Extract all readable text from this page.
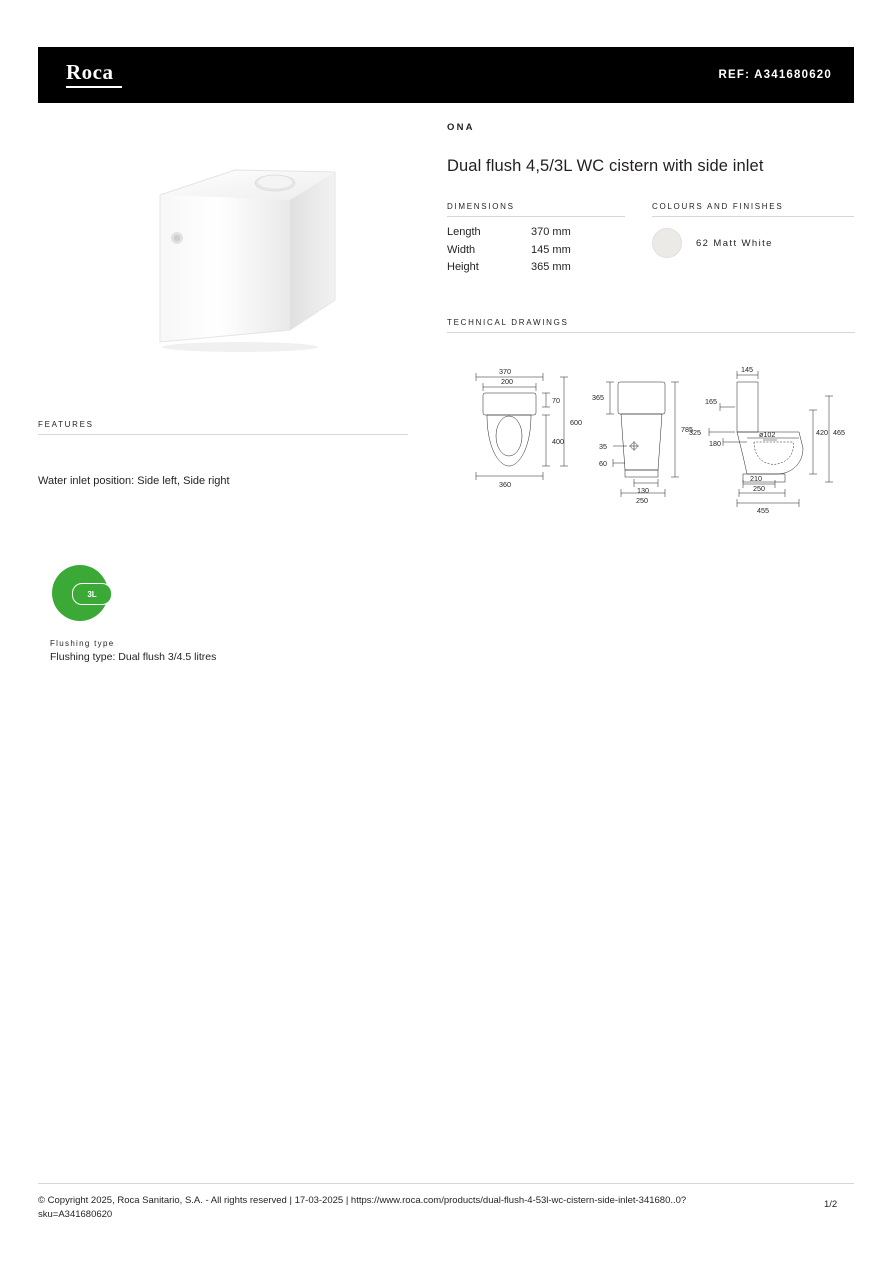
Roca	REF: A341680620
ONA
Dual flush 4,5/3L WC cistern with side inlet
DIMENSIONS
Length	370 mm
Width	145 mm
Height	365 mm
COLOURS AND FINISHES
62 Matt White
TECHNICAL DRAWINGS
370
200
70
600
400
360
365
785
35
60
130
250
145
165
325
180
ø102	420 465
210
250
455
FEATURES
Water inlet position: Side left, Side right
3L
Flushing type
Flushing type: Dual flush 3/4.5 litres
© Copyright 2025, Roca Sanitario, S.A. - All rights reserved | 17-03-2025 | https://www.roca.com/products/dual-flush-4-53l-wc-cistern-side-inlet-341680..0?sku=A341680620
1/2
